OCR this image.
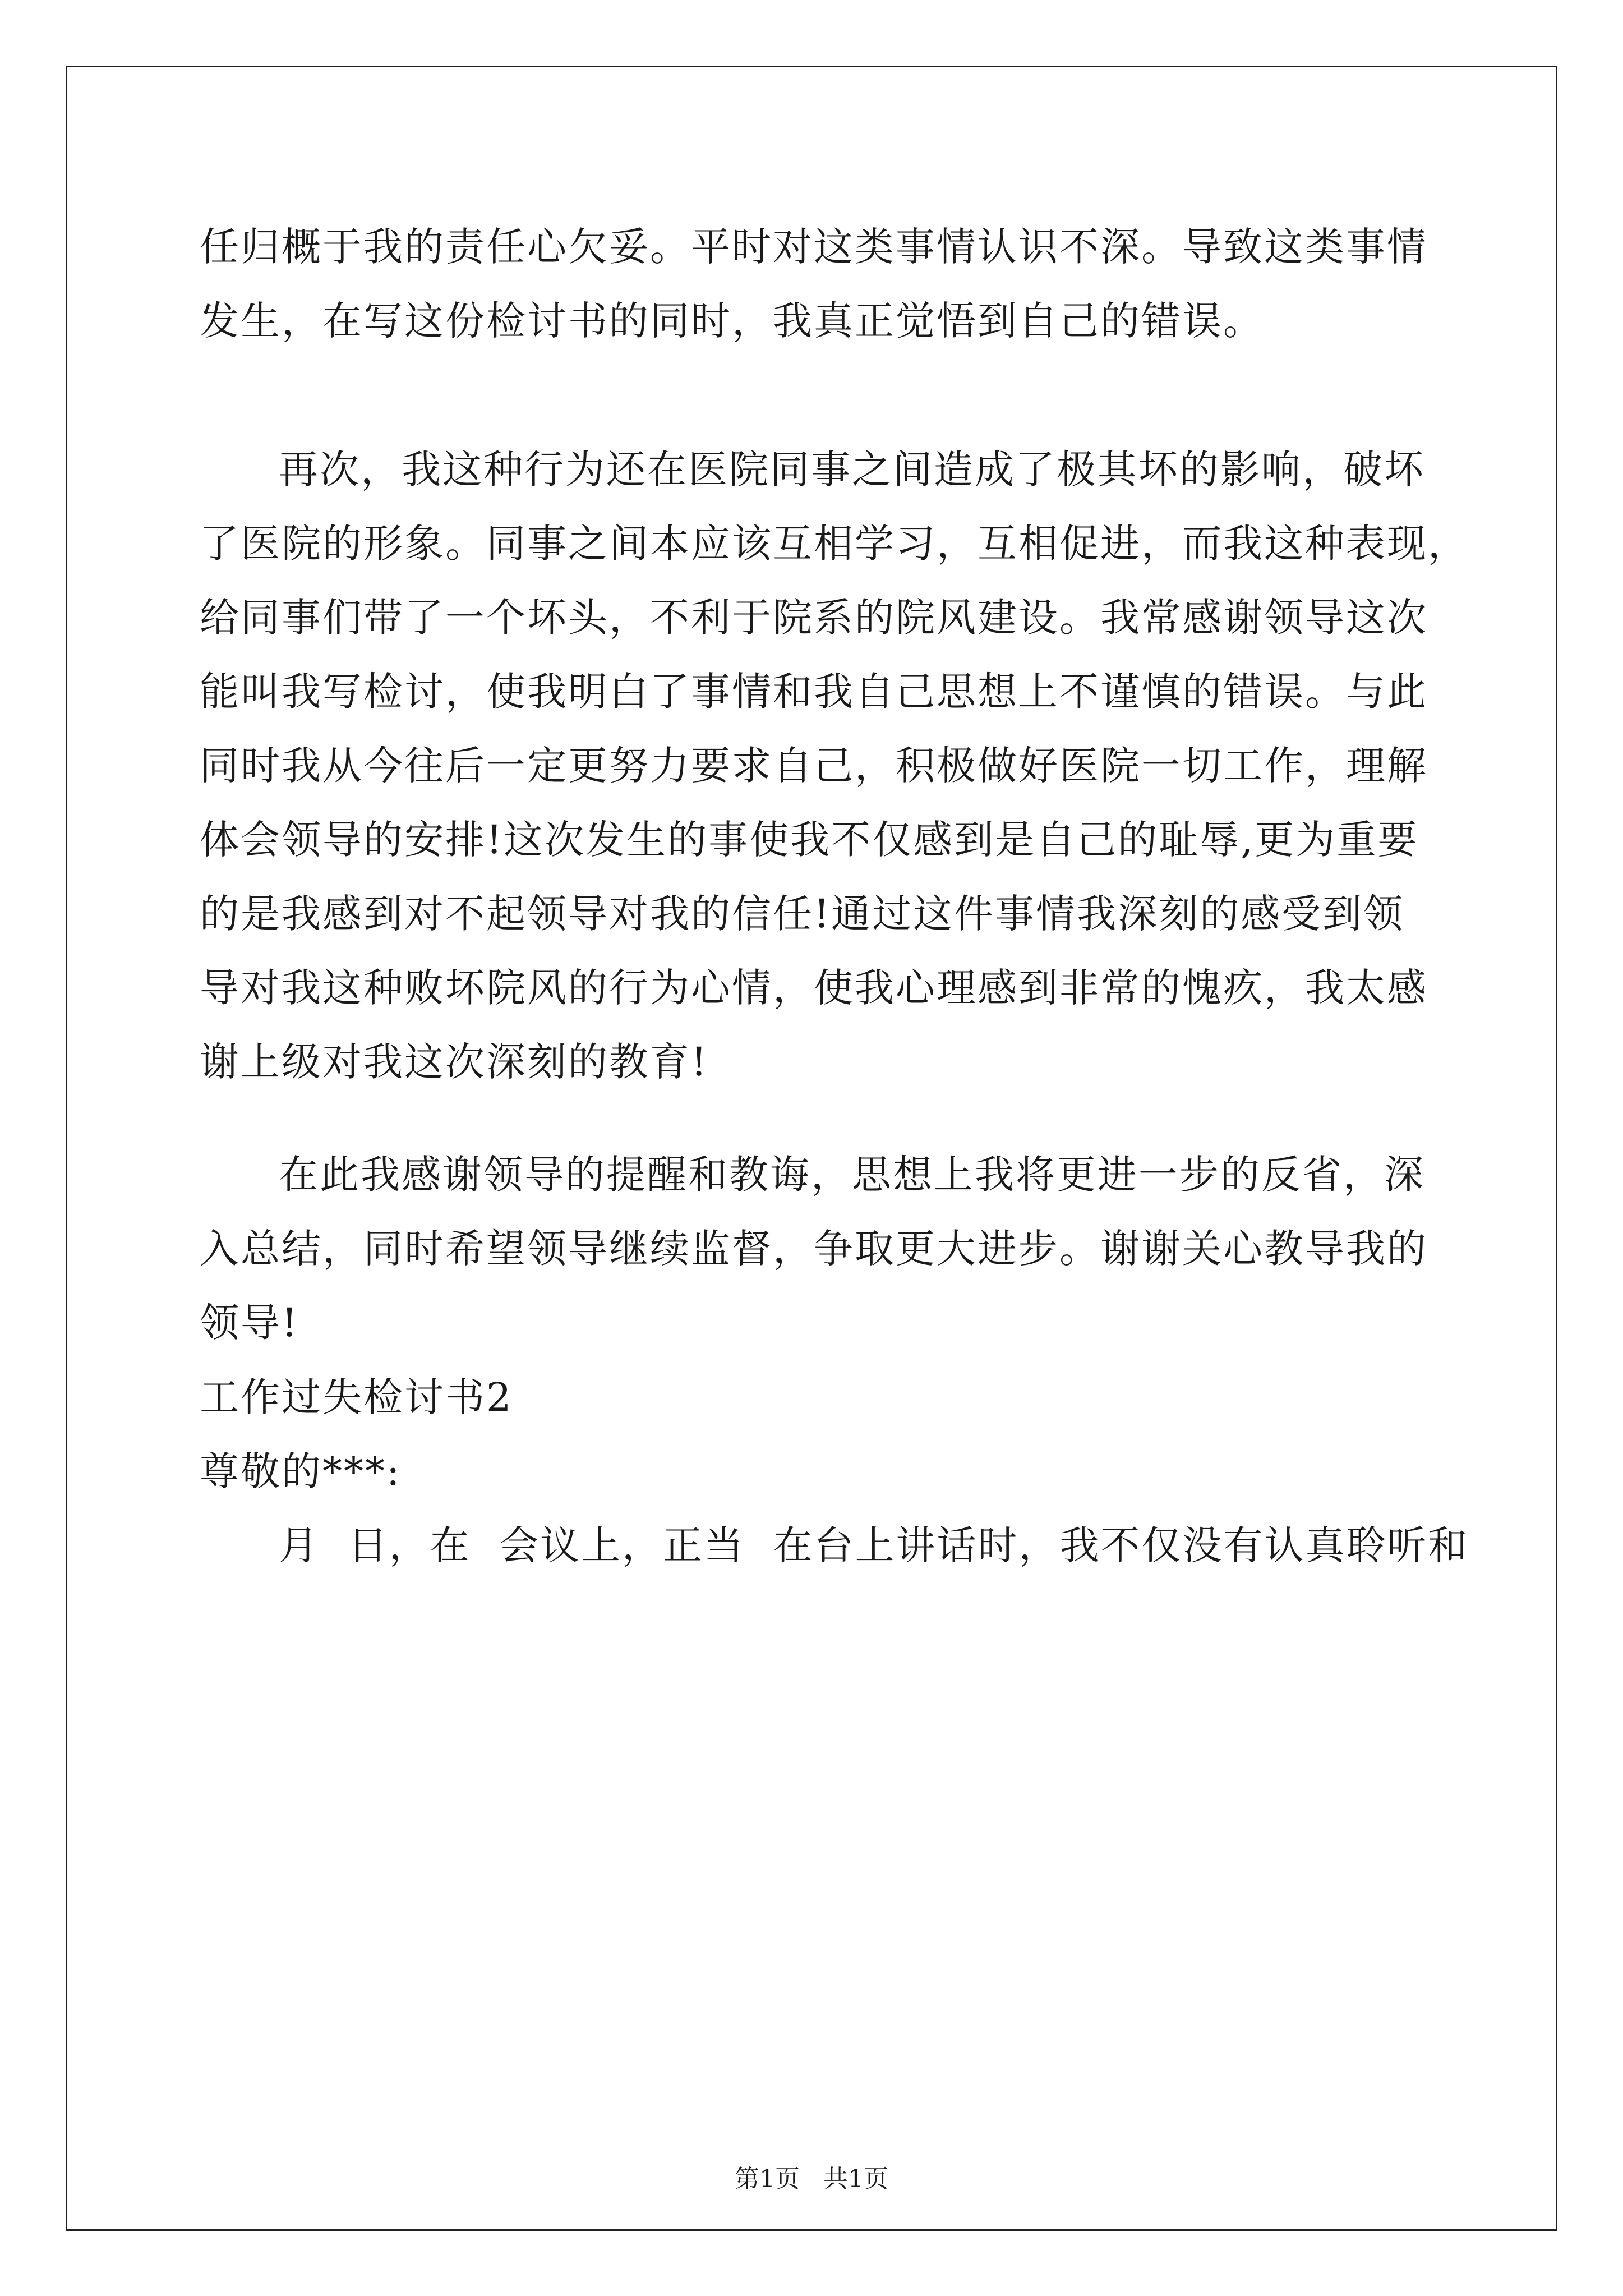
任归概于我的责任心欠妥。平时对这类事情认识不深。导致这类事情
发生，在写这份检讨书的同时，我真正觉悟到自己的错误。
再次，我这种行为还在医院同事之间造成了极其坏的影响，破坏
了医院的形象。同事之间本应该互相学习，互相促进，而我这种表现，
给同事们带了一个坏头，不利于院系的院风建设。我常感谢领导这次
能叫我写检讨，使我明白了事情和我自己思想上不谨慎的错误。与此
同时我从今往后一定更努力要求自己，积极做好医院一切工作，理解
体会领导的安排!这次发生的事使我不仅感到是自己的耻辱,更为重要
的是我感到对不起领导对我的信任!通过这件事情我深刻的感受到领
导对我这种败坏院风的行为心情，使我心理感到非常的愧疚，我太感
谢上级对我这次深刻的教育!
在此我感谢领导的提醒和教诲，思想上我将更进一步的反省，深
入总结，同时希望领导继续监督，争取更大进步。谢谢关心教导我的
领导!
工作过失检讨书2
尊敬的***:
月  日，在  会议上，正当  在台上讲话时，我不仅没有认真聆听和
第1页   共1页
